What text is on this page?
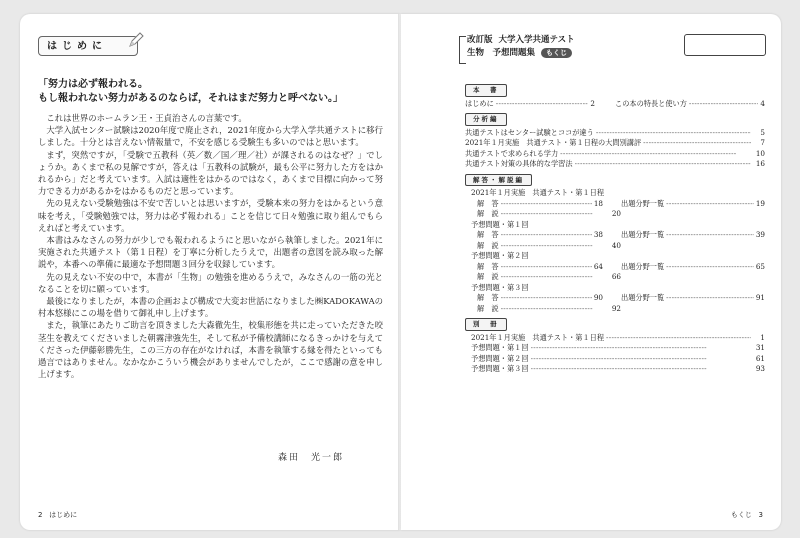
はじめに
「努力は必ず報われる。
もし報われない努力があるのならば，それはまだ努力と呼べない。」

これは世界のホームラン王・王貞治さんの言葉です。

大学入試センター試験は2020年度で廃止され，2021年度から大学入学共通テストに移行しました。十分とは言えない情報量で，不安を感じる受験生も多いのではと思います。

まず，突然ですが，「受験で五教科（英／数／国／理／社）が課されるのはなぜ？」でしょうか。あくまで私の見解ですが，答えは「五教科の試験が，最も公平に努力した方をはかれるから」だと考えています。入試は適性をはかるのではなく，あくまで目標に向かって努力できる力があるかをはかるものだと思っています。

先の見えない受験勉強は不安で苦しいとは思いますが，受験本来の努力をはかるという意味を考え，「受験勉強では，努力は必ず報われる」ことを信じて日々勉強に取り組んでもらえればと考えています。

本書はみなさんの努力が少しでも報われるようにと思いながら執筆しました。2021年に実施された共通テスト（第１日程）を丁寧に分析したうえで，出題者の意図を読み取った解説や，本番への準備に最適な予想問題３回分を収録しています。

先の見えない不安の中で，本書が「生物」の勉強を進めるうえで，みなさんの一筋の光となることを切に願っています。

最後になりましたが，本書の企画および構成で大変お世話になりました㈱KADOKAWAの村本悠様にこの場を借りて御礼申し上げます。

また，執筆にあたりご助言を頂きました大森徹先生，校集形態を共に走っていただきた咬茎生を教えてくださいました朝霧津強先生，そして私が予備校講師になるきっかけを与えてくださった伊藤彰勝先生，この三方の存在がなければ，本書を執筆する縁を得たといっても過言ではありません。なかなかこういう機会がありませんでしたが，ここで感謝の意を申し上げます。

森田　光一郎
2 はじめに
改訂版 大学入学共通テスト
生物　予想問題集 もくじ
本　書
はじめに - - -	2	この本の特長と使い方 - - -	4
分析編
共通テストはセンター試験とココが違う - - -	5
2021年１月実施　共通テスト・第１日程の大問別講評 - - -	7
共通テストで求められる学力 - - -	10
共通テスト対策の具体的な学習法 - - -	16
解答・解説編
2021年１月実施　共通テスト・第１日程
解　答 - - -	18	出題分野一覧 - - -	19
解　説 - - -	20
予想問題・第１回
解　答 - - -	38	出題分野一覧 - - -	39
解　説 - - -	40
予想問題・第２回
解　答 - - -	64	出題分野一覧 - - -	65
解　説 - - -	66
予想問題・第３回
解　答 - - -	90	出題分野一覧 - - -	91
解　説 - - -	92
別　冊
2021年１月実施　共通テスト・第１日程 - - -	1
予想問題・第１回 - - -	31
予想問題・第２回 - - -	61
予想問題・第３回 - - -	93
もくじ 3
